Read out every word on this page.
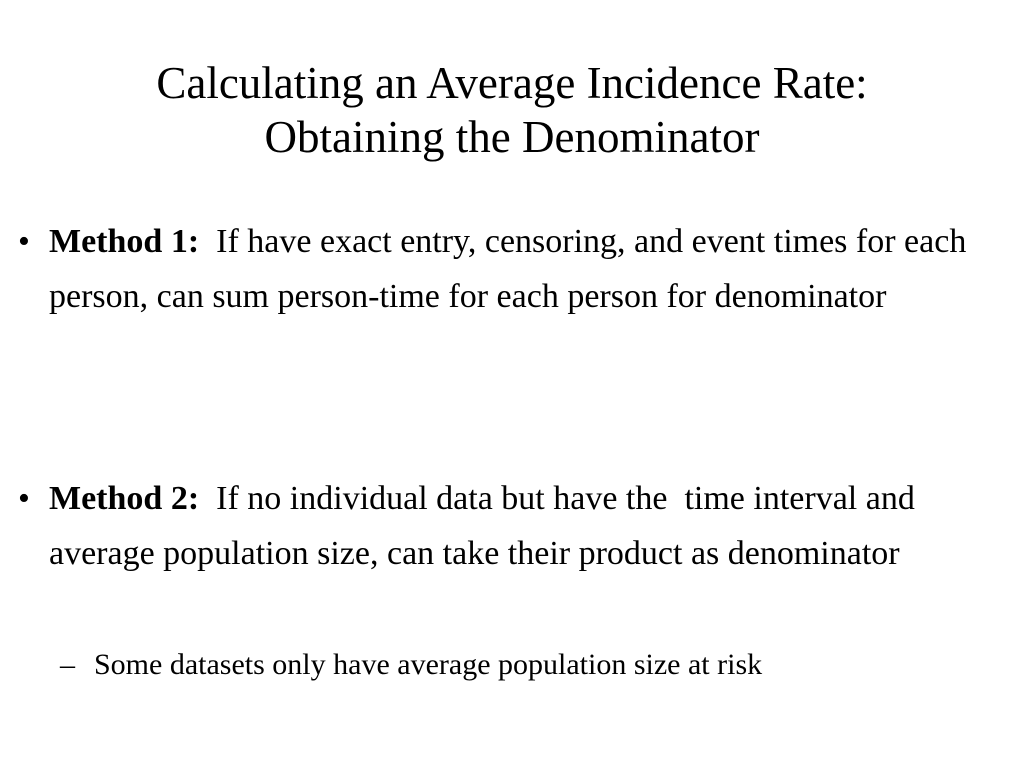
Calculating an Average Incidence Rate:
Obtaining the Denominator
• Method 1: If have exact entry, censoring, and event times for each person, can sum person-time for each person for denominator
• Method 2: If no individual data but have the  time interval and average population size, can take their product as denominator
– Some datasets only have average population size at risk
